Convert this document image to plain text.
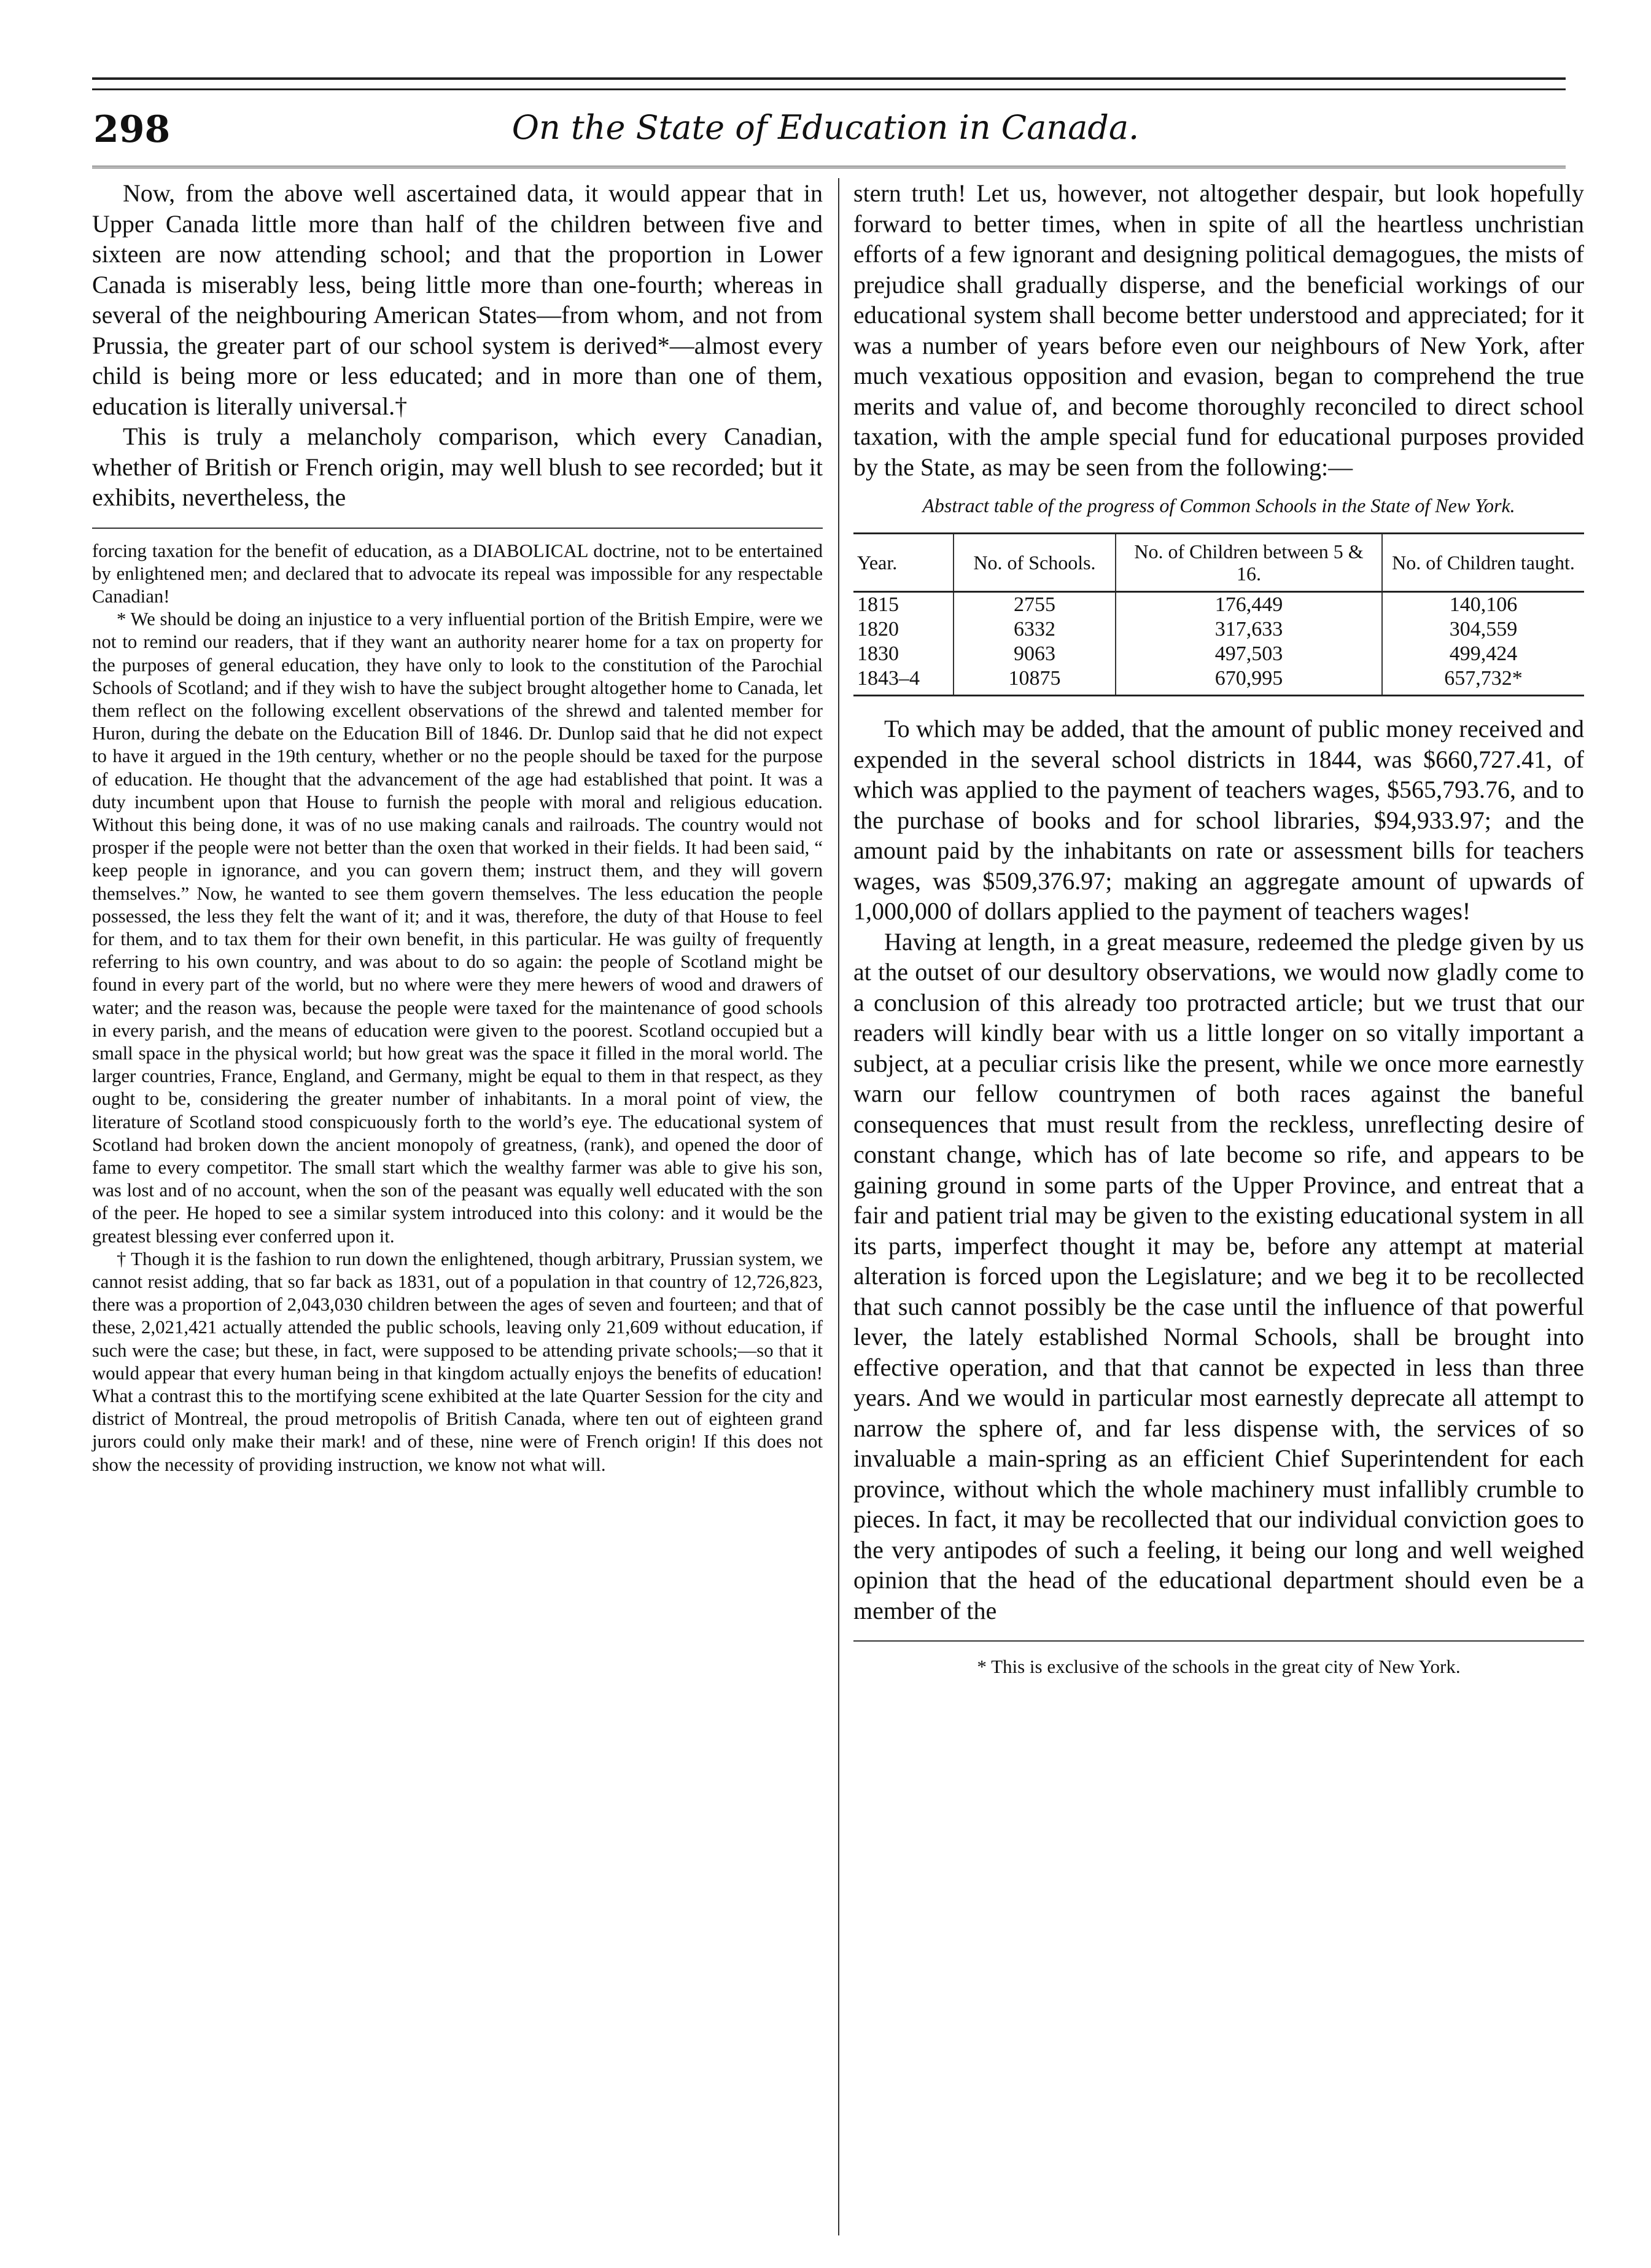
298	On the State of Education in Canada.

Now, from the above well ascertained data, it would appear that in Upper Canada little more than half of the children between five and sixteen are now attending school; and that the proportion in Lower Canada is miserably less, being little more than one-fourth; whereas in several of the neighbouring American States—from whom, and not from Prussia, the greater part of our school system is derived*—almost every child is being more or less educated; and in more than one of them, education is literally universal.†

This is truly a melancholy comparison, which every Canadian, whether of British or French origin, may well blush to see recorded; but it exhibits, nevertheless, the

forcing taxation for the benefit of education, as a DIABOLICAL doctrine, not to be entertained by enlightened men; and declared that to advocate its repeal was impossible for any respectable Canadian!

* We should be doing an injustice to a very influential portion of the British Empire, were we not to remind our readers, that if they want an authority nearer home for a tax on property for the purposes of general education, they have only to look to the constitution of the Parochial Schools of Scotland; and if they wish to have the subject brought altogether home to Canada, let them reflect on the following excellent observations of the shrewd and talented member for Huron, during the debate on the Education Bill of 1846. Dr. Dunlop said that he did not expect to have it argued in the 19th century, whether or no the people should be taxed for the purpose of education. He thought that the advancement of the age had established that point. It was a duty incumbent upon that House to furnish the people with moral and religious education. Without this being done, it was of no use making canals and railroads. The country would not prosper if the people were not better than the oxen that worked in their fields. It had been said, “ keep people in ignorance, and you can govern them; instruct them, and they will govern themselves.” Now, he wanted to see them govern themselves. The less education the people possessed, the less they felt the want of it; and it was, therefore, the duty of that House to feel for them, and to tax them for their own benefit, in this particular. He was guilty of frequently referring to his own country, and was about to do so again: the people of Scotland might be found in every part of the world, but no where were they mere hewers of wood and drawers of water; and the reason was, because the people were taxed for the maintenance of good schools in every parish, and the means of education were given to the poorest. Scotland occupied but a small space in the physical world; but how great was the space it filled in the moral world. The larger countries, France, England, and Germany, might be equal to them in that respect, as they ought to be, considering the greater number of inhabitants. In a moral point of view, the literature of Scotland stood conspicuously forth to the world’s eye. The educational system of Scotland had broken down the ancient monopoly of greatness, (rank), and opened the door of fame to every competitor. The small start which the wealthy farmer was able to give his son, was lost and of no account, when the son of the peasant was equally well educated with the son of the peer. He hoped to see a similar system introduced into this colony: and it would be the greatest blessing ever conferred upon it.

† Though it is the fashion to run down the enlightened, though arbitrary, Prussian system, we cannot resist adding, that so far back as 1831, out of a population in that country of 12,726,823, there was a proportion of 2,043,030 children between the ages of seven and fourteen; and that of these, 2,021,421 actually attended the public schools, leaving only 21,609 without education, if such were the case; but these, in fact, were supposed to be attending private schools;—so that it would appear that every human being in that kingdom actually enjoys the benefits of education! What a contrast this to the mortifying scene exhibited at the late Quarter Session for the city and district of Montreal, the proud metropolis of British Canada, where ten out of eighteen grand jurors could only make their mark! and of these, nine were of French origin! If this does not show the necessity of providing instruction, we know not what will.

stern truth! Let us, however, not altogether despair, but look hopefully forward to better times, when in spite of all the heartless unchristian efforts of a few ignorant and designing political demagogues, the mists of prejudice shall gradually disperse, and the beneficial workings of our educational system shall become better understood and appreciated; for it was a number of years before even our neighbours of New York, after much vexatious opposition and evasion, began to comprehend the true merits and value of, and become thoroughly reconciled to direct school taxation, with the ample special fund for educational purposes provided by the State, as may be seen from the following:—

Abstract table of the progress of Common Schools in the State of New York.
Year.	No. of Schools.	No. of Children between 5 & 16.	No. of Children taught.
1815	2755	176,449	140,106
1820	6332	317,633	304,559
1830	9063	497,503	499,424
1843–4	10875	670,995	657,732*

To which may be added, that the amount of public money received and expended in the several school districts in 1844, was $660,727.41, of which was applied to the payment of teachers wages, $565,793.76, and to the purchase of books and for school libraries, $94,933.97; and the amount paid by the inhabitants on rate or assessment bills for teachers wages, was $509,376.97; making an aggregate amount of upwards of 1,000,000 of dollars applied to the payment of teachers wages!

Having at length, in a great measure, redeemed the pledge given by us at the outset of our desultory observations, we would now gladly come to a conclusion of this already too protracted article; but we trust that our readers will kindly bear with us a little longer on so vitally important a subject, at a peculiar crisis like the present, while we once more earnestly warn our fellow countrymen of both races against the baneful consequences that must result from the reckless, unreflecting desire of constant change, which has of late become so rife, and appears to be gaining ground in some parts of the Upper Province, and entreat that a fair and patient trial may be given to the existing educational system in all its parts, imperfect thought it may be, before any attempt at material alteration is forced upon the Legislature; and we beg it to be recollected that such cannot possibly be the case until the influence of that powerful lever, the lately established Normal Schools, shall be brought into effective operation, and that that cannot be expected in less than three years. And we would in particular most earnestly deprecate all attempt to narrow the sphere of, and far less dispense with, the services of so invaluable a main-spring as an efficient Chief Superintendent for each province, without which the whole machinery must infallibly crumble to pieces. In fact, it may be recollected that our individual conviction goes to the very antipodes of such a feeling, it being our long and well weighed opinion that the head of the educational department should even be a member of the

* This is exclusive of the schools in the great city of New York.
